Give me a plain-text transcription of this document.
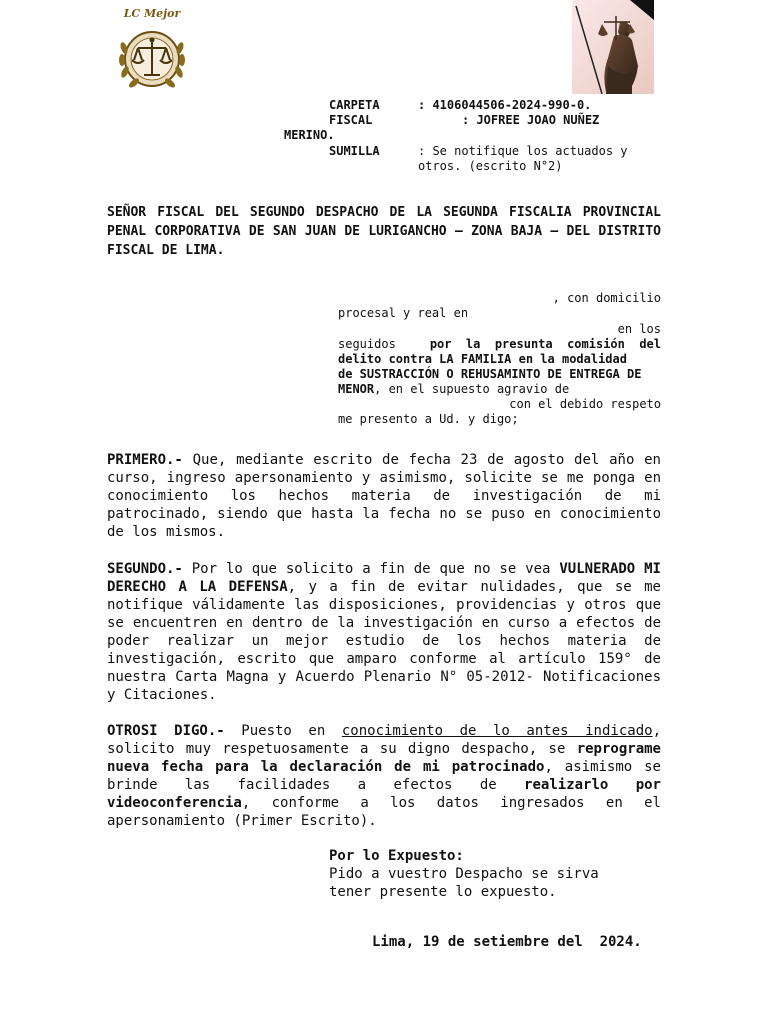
LC Mejor
CARPETA	: 4106044506-2024-990-0.
FISCAL	: JOFREE JOAO NUÑEZ
MERINO.
SUMILLA	: Se notifique los actuados y
otros. (escrito N°2)
SEÑOR FISCAL DEL SEGUNDO DESPACHO DE LA SEGUNDA FISCALIA PROVINCIAL PENAL CORPORATIVA DE SAN JUAN DE LURIGANCHO – ZONA BAJA – DEL DISTRITO FISCAL DE LIMA.
, con domicilio
procesal y real en
en los
seguidos por  la  presunta  comisión  del
delito contra LA FAMILIA en la modalidad
de SUSTRACCIÓN O REHUSAMINTO DE ENTREGA DE
MENOR, en el supuesto agravio de
con el debido respeto
me presento a Ud. y digo;
PRIMERO.- Que, mediante escrito de fecha 23 de agosto del año en curso, ingreso apersonamiento y asimismo, solicite se me ponga en conocimiento los hechos materia de investigación de mi patrocinado, siendo que hasta la fecha no se puso en conocimiento de los mismos.
SEGUNDO.- Por lo que solicito a fin de que no se vea VULNERADO MI DERECHO A LA DEFENSA, y a fin de evitar nulidades, que se me notifique válidamente las disposiciones, providencias y otros que se encuentren en dentro de la investigación en curso a efectos de poder realizar un mejor estudio de los hechos materia de investigación, escrito que amparo conforme al artículo 159° de nuestra Carta Magna y Acuerdo Plenario N° 05-2012- Notificaciones y Citaciones.
OTROSI DIGO.- Puesto en conocimiento de lo antes indicado, solicito muy respetuosamente a su digno despacho, se reprograme nueva fecha para la declaración de mi patrocinado, asimismo se brinde las facilidades a efectos de realizarlo por videoconferencia, conforme a los datos ingresados en el apersonamiento (Primer Escrito).
Por lo Expuesto:
Pido a vuestro Despacho se sirva
tener presente lo expuesto.
Lima, 19 de setiembre del  2024.
